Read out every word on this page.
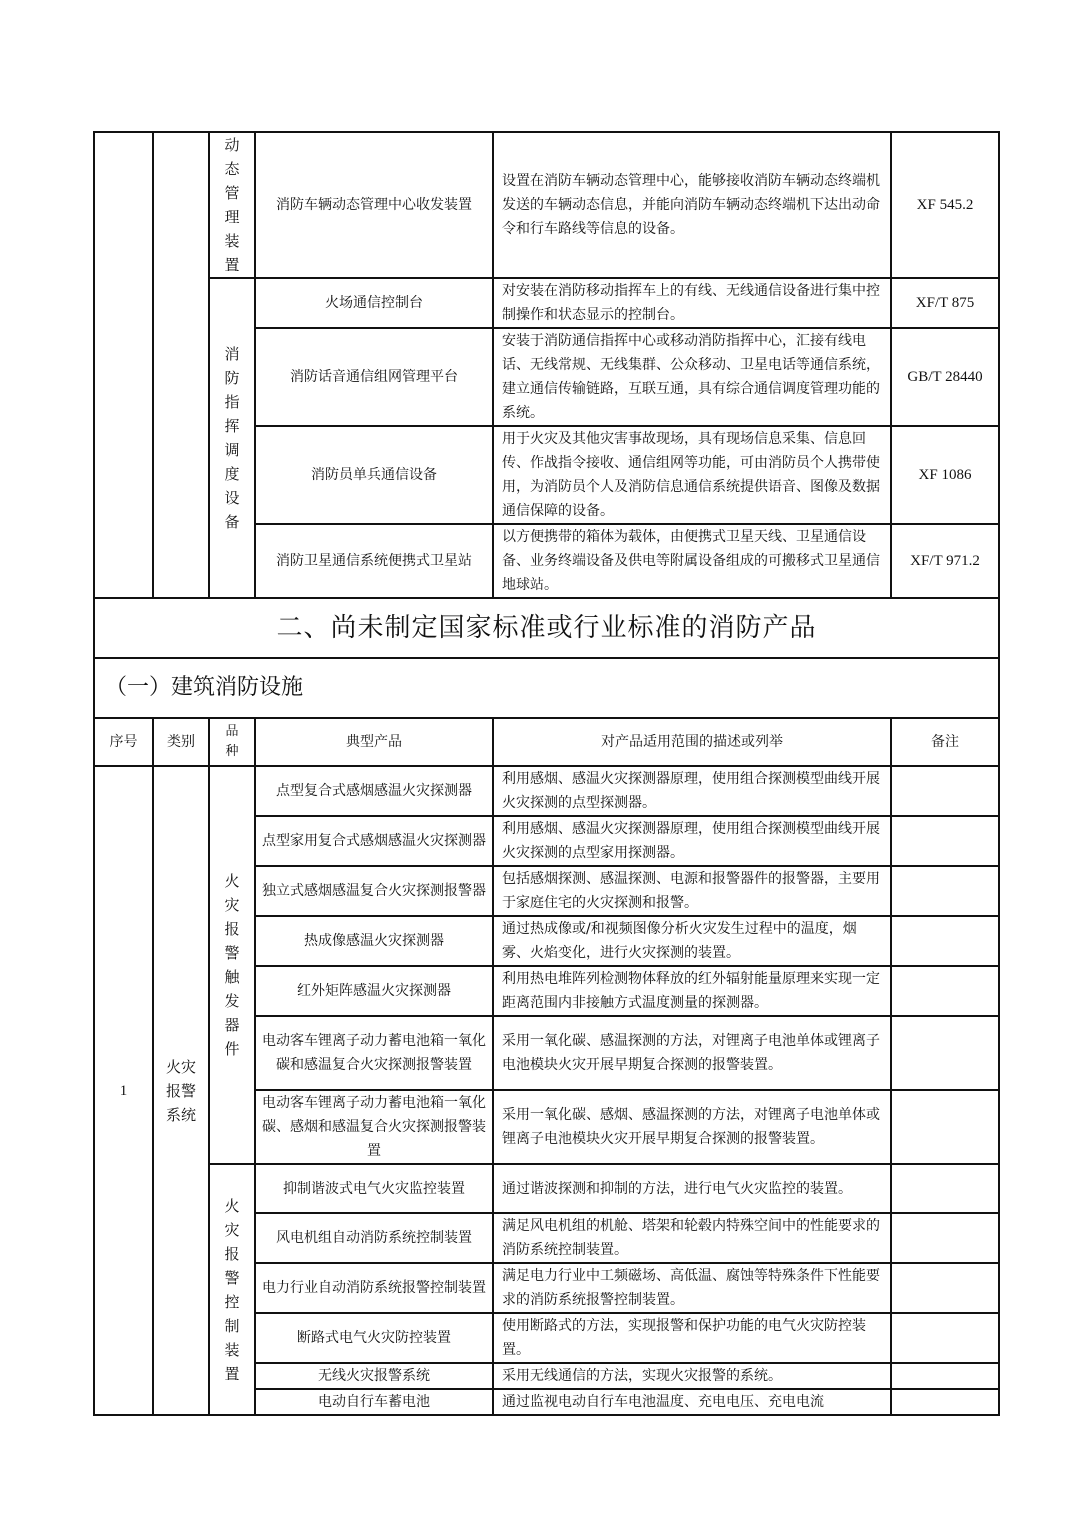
		动态管理装置	消防车辆动态管理中心收发装置	设置在消防车辆动态管理中心，能够接收消防车辆动态终端机发送的车辆动态信息，并能向消防车辆动态终端机下达出动命令和行车路线等信息的设备。	XF 545.2

		消防指挥调度设备	火场通信控制台	对安装在消防移动指挥车上的有线、无线通信设备进行集中控制操作和状态显示的控制台。	XF/T 875
			消防话音通信组网管理平台	安装于消防通信指挥中心或移动消防指挥中心，汇接有线电话、无线常规、无线集群、公众移动、卫星电话等通信系统，建立通信传输链路，互联互通，具有综合通信调度管理功能的系统。	GB/T 28440
			消防员单兵通信设备	用于火灾及其他灾害事故现场，具有现场信息采集、信息回传、作战指令接收、通信组网等功能，可由消防员个人携带使用，为消防员个人及消防信息通信系统提供语音、图像及数据通信保障的设备。	XF 1086
			消防卫星通信系统便携式卫星站	以方便携带的箱体为载体，由便携式卫星天线、卫星通信设备、业务终端设备及供电等附属设备组成的可搬移式卫星通信地球站。	XF/T 971.2

二、尚未制定国家标准或行业标准的消防产品					
（一）建筑消防设施					
序号	类别	品种	典型产品	对产品适用范围的描述或列举	备注
1	火灾报警系统	火灾报警触发器件	点型复合式感烟感温火灾探测器	利用感烟、感温火灾探测器原理，使用组合探测模型曲线开展火灾探测的点型探测器。	
			点型家用复合式感烟感温火灾探测器	利用感烟、感温火灾探测器原理，使用组合探测模型曲线开展火灾探测的点型家用探测器。	
			独立式感烟感温复合火灾探测报警器	包括感烟探测、感温探测、电源和报警器件的报警器，主要用于家庭住宅的火灾探测和报警。	
			热成像感温火灾探测器	通过热成像或/和视频图像分析火灾发生过程中的温度，烟雾、火焰变化，进行火灾探测的装置。	
			红外矩阵感温火灾探测器	利用热电堆阵列检测物体释放的红外辐射能量原理来实现一定距离范围内非接触方式温度测量的探测器。	
			电动客车锂离子动力蓄电池箱一氧化碳和感温复合火灾探测报警装置	采用一氧化碳、感温探测的方法，对锂离子电池单体或锂离子电池模块火灾开展早期复合探测的报警装置。	
			电动客车锂离子动力蓄电池箱一氧化碳、感烟和感温复合火灾探测报警装置	采用一氧化碳、感烟、感温探测的方法，对锂离子电池单体或锂离子电池模块火灾开展早期复合探测的报警装置。	

		火灾报警控制装置	抑制谐波式电气火灾监控装置	通过谐波探测和抑制的方法，进行电气火灾监控的装置。	
			风电机组自动消防系统控制装置	满足风电机组的机舱、塔架和轮毂内特殊空间中的性能要求的消防系统控制装置。	
			电力行业自动消防系统报警控制装置	满足电力行业中工频磁场、高低温、腐蚀等特殊条件下性能要求的消防系统报警控制装置。	
			断路式电气火灾防控装置	使用断路式的方法，实现报警和保护功能的电气火灾防控装置。	
			无线火灾报警系统	采用无线通信的方法，实现火灾报警的系统。	
			电动自行车蓄电池	通过监视电动自行车电池温度、充电电压、充电电流	
